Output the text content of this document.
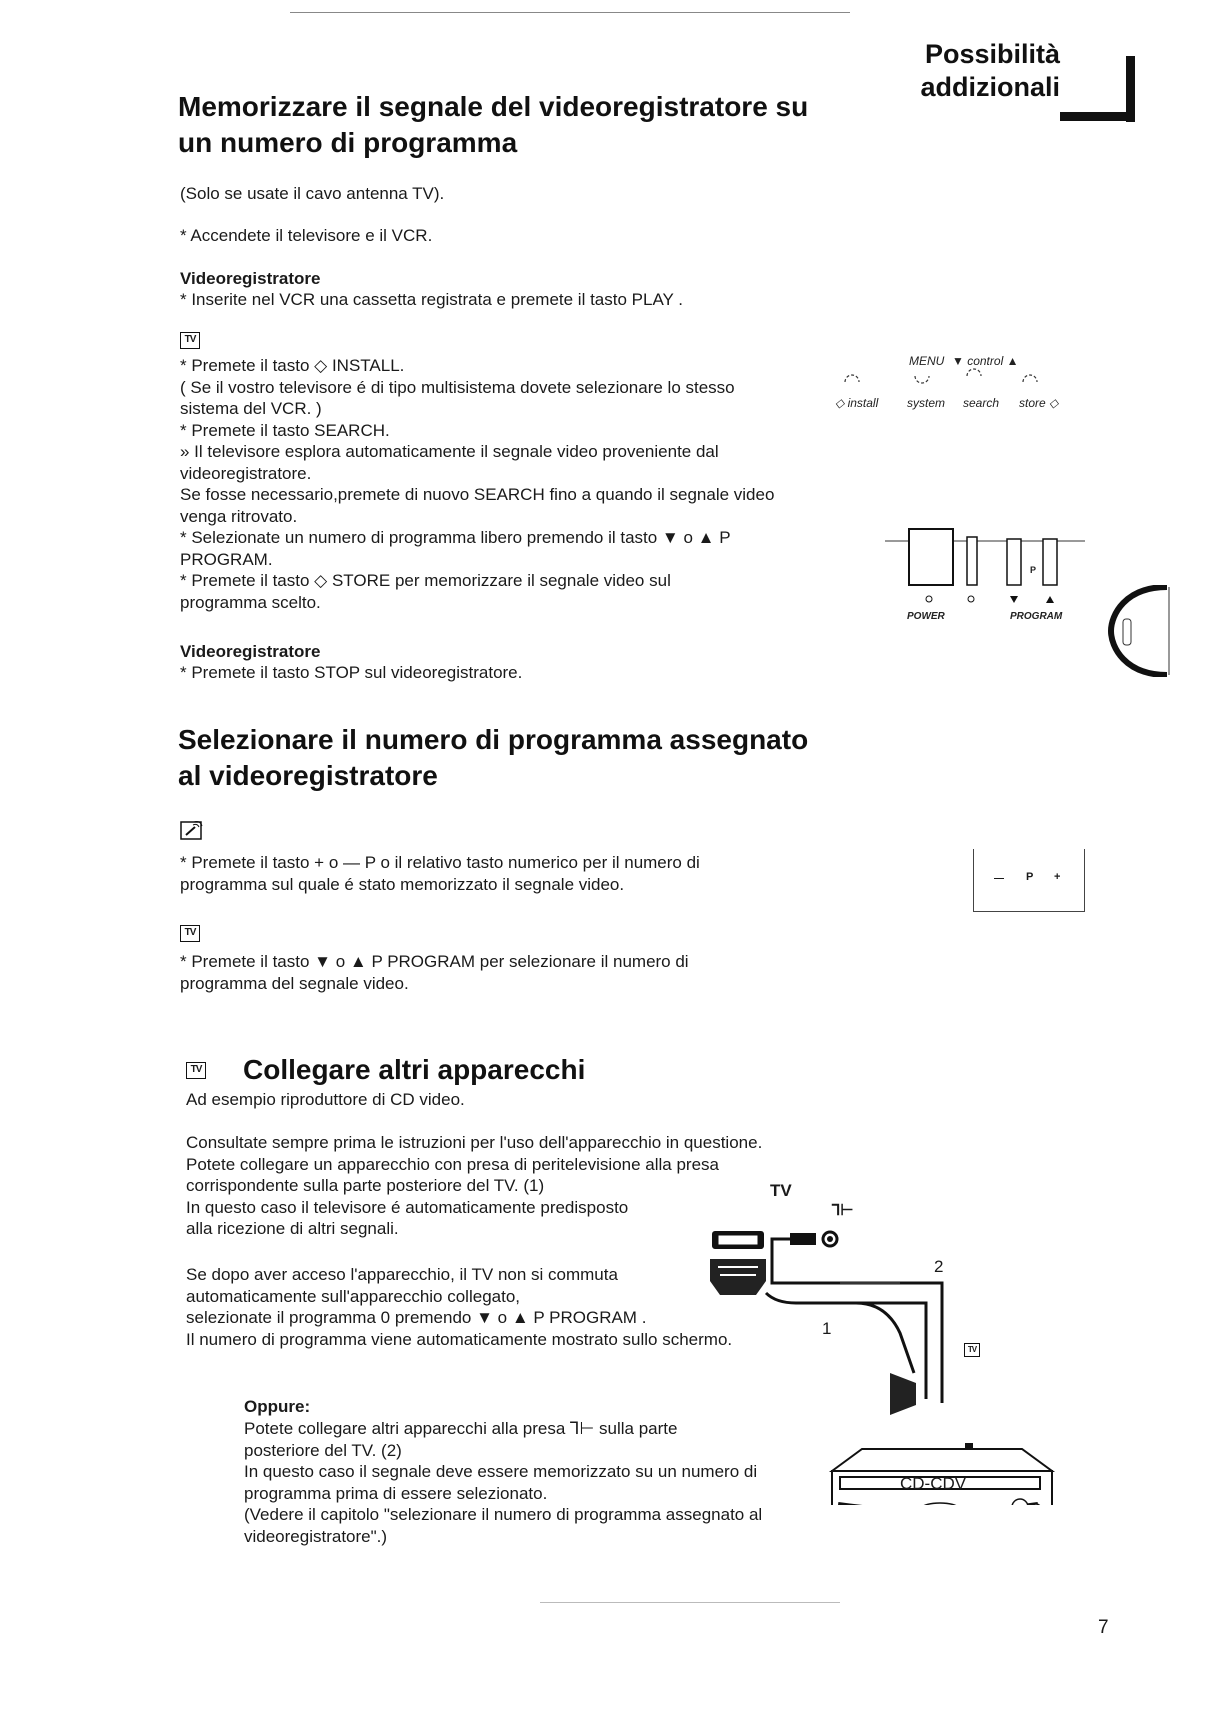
Possibilità
addizionali
Memorizzare il segnale del videoregistratore su
un numero di programma
(Solo se usate il cavo antenna TV).
* Accendete il televisore e il VCR.
Videoregistratore
* Inserite nel VCR una cassetta registrata e premete il tasto PLAY .
TV
* Premete il tasto ◇ INSTALL.
( Se il vostro televisore é di tipo multisistema dovete selezionare lo stesso
sistema del VCR. )
* Premete il tasto SEARCH.
» Il televisore esplora automaticamente il segnale video proveniente dal
videoregistratore.
Se fosse necessario,premete di nuovo SEARCH fino a quando il segnale video
venga ritrovato.
* Selezionate un numero di programma libero premendo il tasto ▼ o ▲ P
PROGRAM.
* Premete il tasto ◇ STORE per memorizzare il segnale video sul
programma scelto.
Videoregistratore
* Premete il tasto STOP sul videoregistratore.
MENU ▼ control ▲
◇ install system search store ◇
P
POWER	PROGRAM
Selezionare il numero di programma assegnato
al videoregistratore
* Premete il tasto + o — P o il relativo tasto numerico per il numero di
programma sul quale é stato memorizzato il segnale video.
TV
* Premete il tasto ▼ o ▲ P PROGRAM per selezionare il numero di
programma del segnale video.
— P +
TV Collegare altri apparecchi
Ad esempio riproduttore di CD video.
Consultate sempre prima le istruzioni per l'uso dell'apparecchio in questione.
Potete collegare un apparecchio con presa di peritelevisione alla presa
corrispondente sulla parte posteriore del TV. (1)
In questo caso il televisore é automaticamente predisposto
alla ricezione di altri segnali.
Se dopo aver acceso l'apparecchio, il TV non si commuta
automaticamente sull'apparecchio collegato,
selezionate il programma 0 premendo ▼ o ▲ P PROGRAM .
Il numero di programma viene automaticamente mostrato sullo schermo.
Oppure:
Potete collegare altri apparecchi alla presa ⅂⊢ sulla parte
posteriore del TV. (2)
In questo caso il segnale deve essere memorizzato su un numero di
programma prima di essere selezionato.
(Vedere il capitolo "selezionare il numero di programma assegnato al
videoregistratore".)
TV
⅂⊢
2
1
TV
CD-CDV
7
